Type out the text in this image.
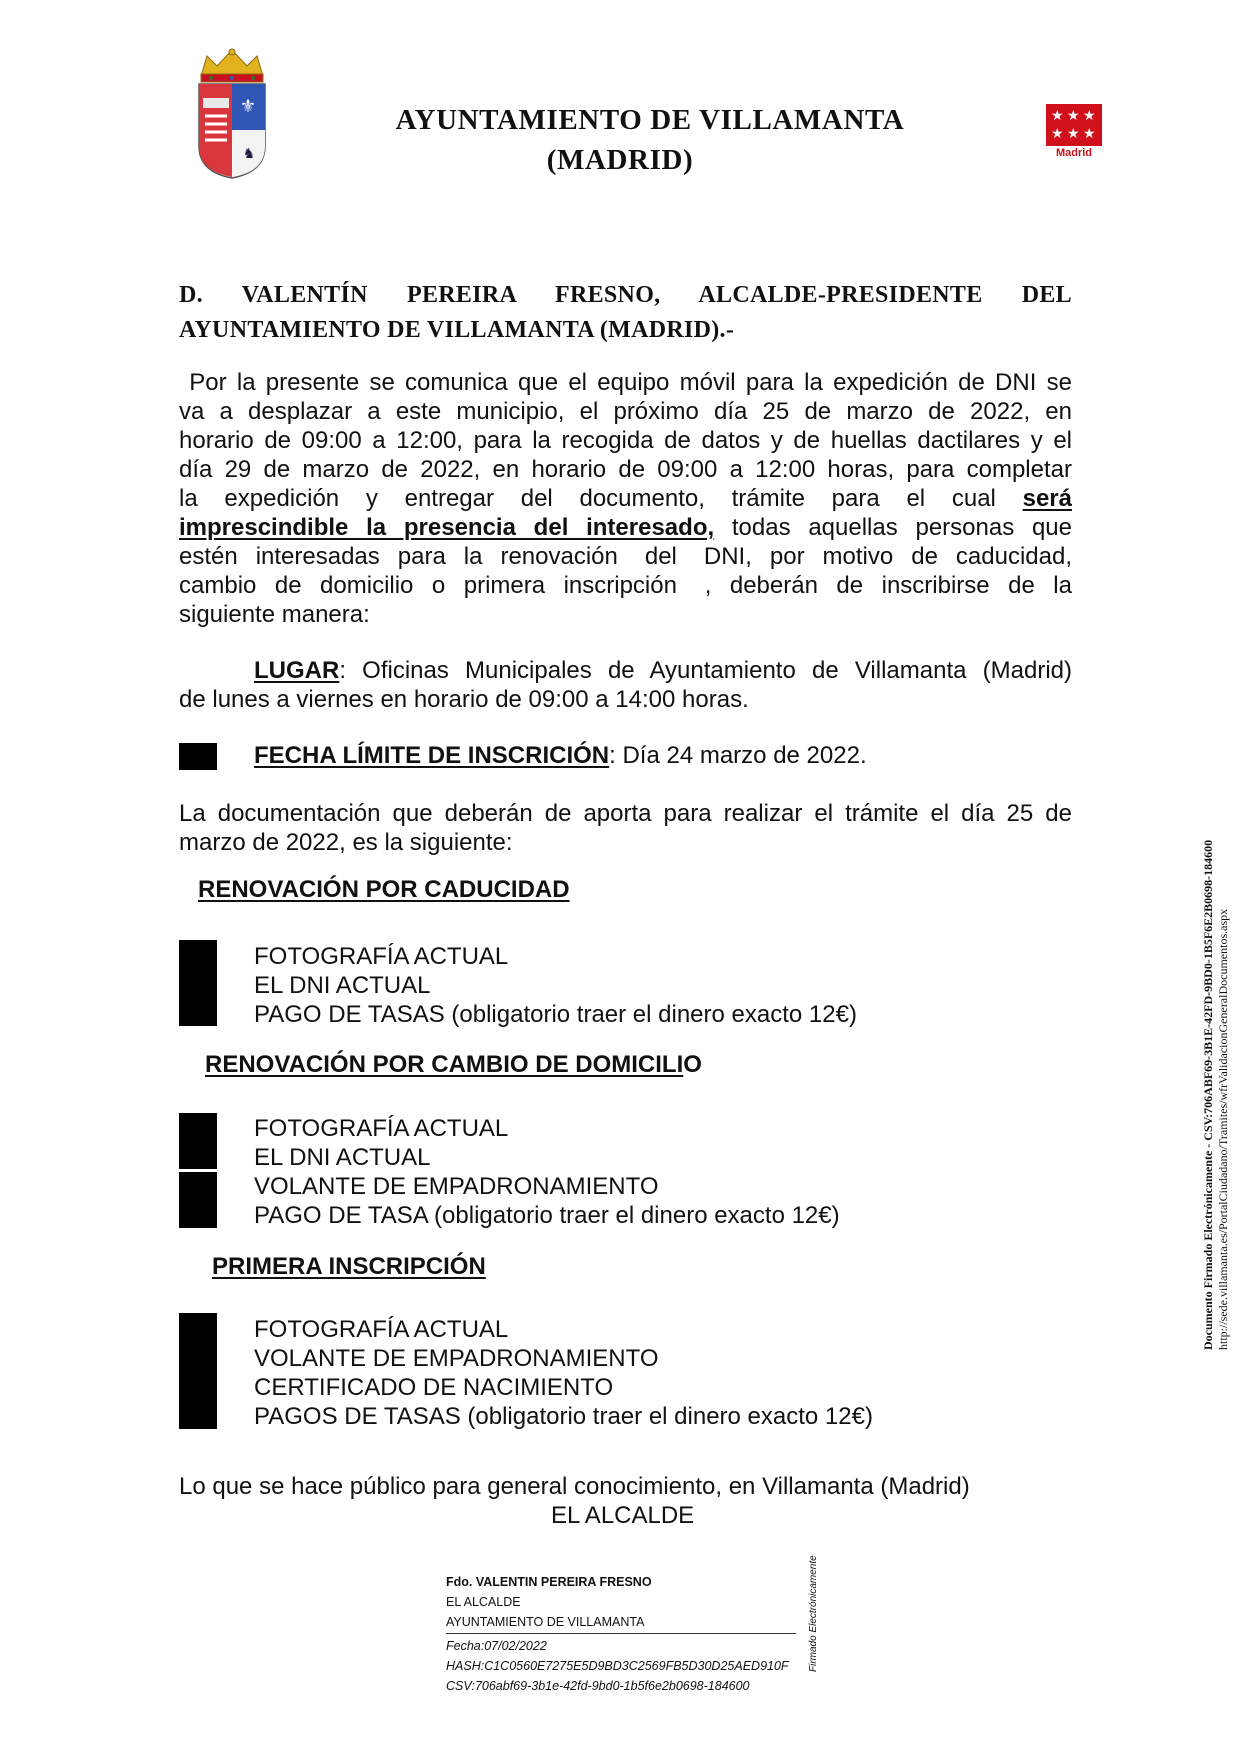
⚜
♞
★ ★ ★
★ ★ ★
Madrid
AYUNTAMIENTO DE VILLAMANTA
(MADRID)
D. VALENTÍN PEREIRA FRESNO, ALCALDE-PRESIDENTE DEL
AYUNTAMIENTO DE VILLAMANTA (MADRID).-
Por la presente se comunica que el equipo móvil para la expedición de DNI se
va a desplazar a este municipio, el próximo día 25 de marzo de 2022, en
horario de 09:00 a 12:00, para la recogida de datos y de huellas dactilares y el
día 29 de marzo de 2022, en horario de 09:00 a 12:00 horas, para completar
la  expedición  y  entregar  del  documento,  trámite  para  el  cual  será
imprescindible la presencia del interesado, todas aquellas personas que
estén  interesadas  para  la  renovación   del   DNI,  por  motivo  de  caducidad,
cambio  de  domicilio  o  primera  inscripción   ,  deberán  de  inscribirse  de  la
siguiente manera:
LUGAR: Oficinas Municipales de Ayuntamiento de Villamanta (Madrid)
de lunes a viernes en horario de 09:00 a 14:00 horas.
FECHA LÍMITE DE INSCRICIÓN: Día 24 marzo de 2022.
La documentación que deberán de aporta para realizar el trámite el día 25 de
marzo de 2022, es la siguiente:
RENOVACIÓN POR CADUCIDAD
FOTOGRAFÍA ACTUAL
EL DNI ACTUAL
PAGO DE TASAS (obligatorio traer el dinero exacto 12€)
RENOVACIÓN POR CAMBIO DE DOMICILIO
FOTOGRAFÍA ACTUAL
EL DNI ACTUAL
VOLANTE DE EMPADRONAMIENTO
PAGO DE TASA (obligatorio traer el dinero exacto 12€)
PRIMERA INSCRIPCIÓN
FOTOGRAFÍA ACTUAL
VOLANTE DE EMPADRONAMIENTO
CERTIFICADO DE NACIMIENTO
PAGOS DE TASAS (obligatorio traer el dinero exacto 12€)
Lo que se hace público para general conocimiento, en Villamanta (Madrid)
EL ALCALDE
Fdo. VALENTIN PEREIRA FRESNO
EL ALCALDE
AYUNTAMIENTO DE VILLAMANTA
Fecha:07/02/2022
HASH:C1C0560E7275E5D9BD3C2569FB5D30D25AED910F
CSV:706abf69-3b1e-42fd-9bd0-1b5f6e2b0698-184600
Firmado Electrónicamente
Documento Firmado Electrónicamente - CSV:706ABF69-3B1E-42FD-9BD0-1B5F6E2B0698-184600 http://sede.villamanta.es/PortalCiudadano/Tramites/wfrValidacionGeneralDocumentos.aspx
